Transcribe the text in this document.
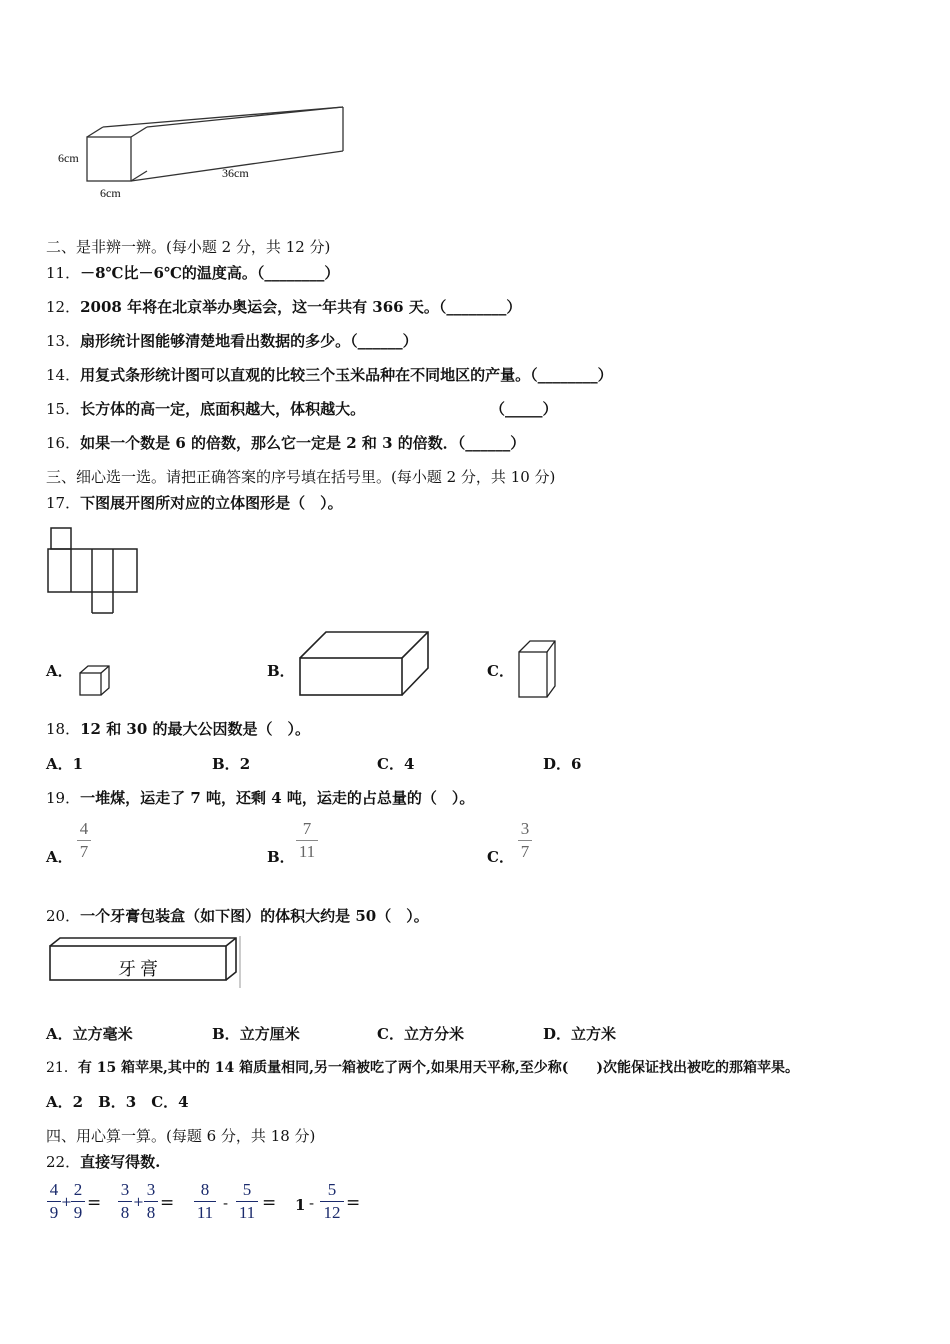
6cm
6cm
36cm
二、是非辨一辨。(每小题 2 分，共 12 分)
11．－8℃比－6℃的温度高。（________）
12．2008 年将在北京举办奥运会，这一年共有 366 天。（________）
13．扇形统计图能够清楚地看出数据的多少。（______）
14．用复式条形统计图可以直观的比较三个玉米品种在不同地区的产量。（________）
15．长方体的高一定，底面积越大，体积越大。	（_____）
16．如果一个数是 6 的倍数，那么它一定是 2 和 3 的倍数．（______）
三、细心选一选。请把正确答案的序号填在括号里。(每小题 2 分，共 10 分)
17．下图展开图所对应的立体图形是（　）。
A．	B．	C．
18．12 和 30 的最大公因数是（　）。
A．1	B．2	C．4	D．6
19．一堆煤，运走了 7 吨，还剩 4 吨，运走的占总量的（　）。
A．
4
7	B．
7
11	C．
3
7
20．一个牙膏包装盒（如下图）的体积大约是 50（　）。
牙膏
A．立方毫米	B．立方厘米	C．立方分米	D．立方米
21．有 15 箱苹果,其中的 14 箱质量相同,另一箱被吃了两个,如果用天平称,至少称(　　)次能保证找出被吃的那箱苹果。
A．2　B．3　C．4
四、用心算一算。(每题 6 分，共 18 分)
22．直接写得数.
4
9
+
2
9 =
3
8
+
3
8 =
8
11 -
5
11 = 1 -
5
12 =
